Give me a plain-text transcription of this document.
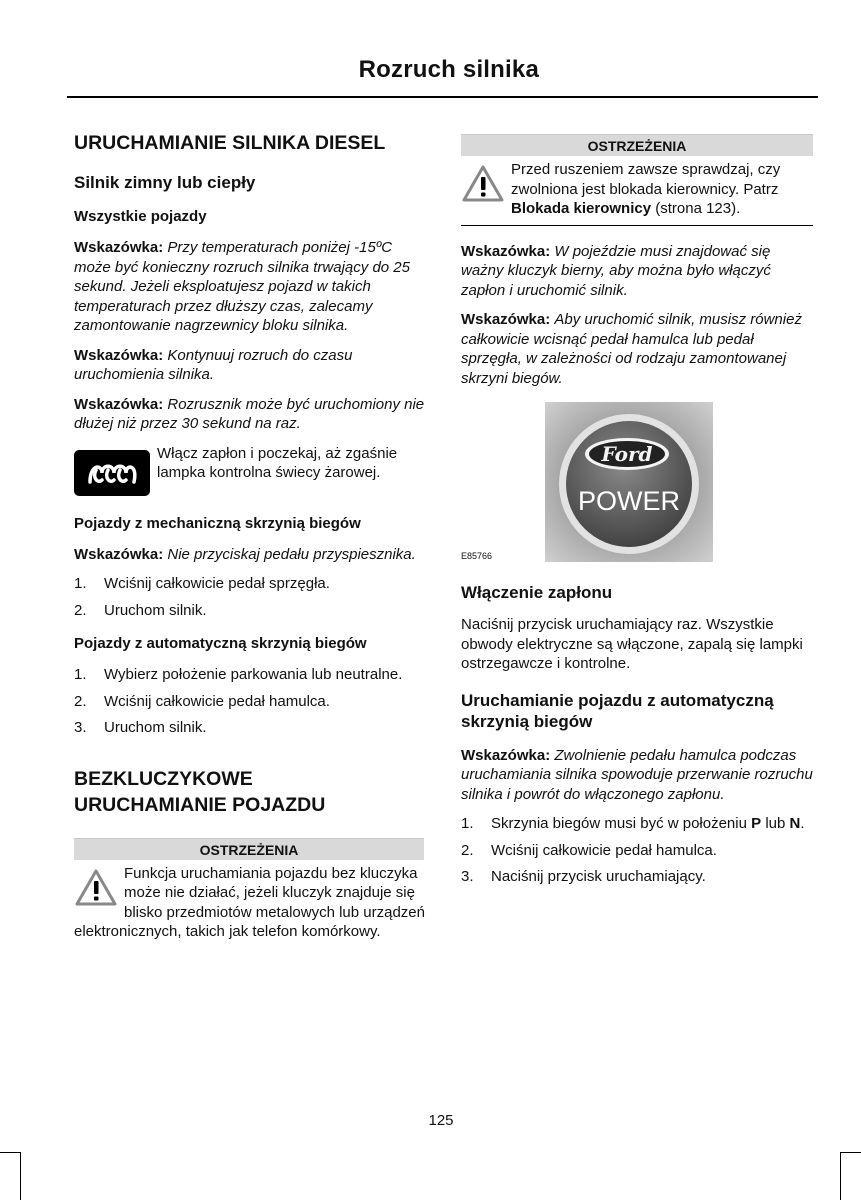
Rozruch silnika
URUCHAMIANIE SILNIKA DIESEL
Silnik zimny lub ciepły
Wszystkie pojazdy

Wskazówka: Przy temperaturach poniżej -15ºC może być konieczny rozruch silnika trwający do 25 sekund. Jeżeli eksploatujesz pojazd w takich temperaturach przez dłuższy czas, zalecamy zamontowanie nagrzewnicy bloku silnika.

Wskazówka: Kontynuuj rozruch do czasu uruchomienia silnika.

Wskazówka: Rozrusznik może być uruchomiony nie dłużej niż przez 30 sekund na raz.

Włącz zapłon i poczekaj, aż zgaśnie lampka kontrolna świecy żarowej.
Pojazdy z mechaniczną skrzynią biegów

Wskazówka: Nie przyciskaj pedału przyspiesznika.

1. Wciśnij całkowicie pedał sprzęgła.
2. Uruchom silnik.
Pojazdy z automatyczną skrzynią biegów
1. Wybierz położenie parkowania lub neutralne.
2. Wciśnij całkowicie pedał hamulca.
3. Uruchom silnik.
BEZKLUCZYKOWE URUCHAMIANIE POJAZDU
OSTRZEŻENIA
Funkcja uruchamiania pojazdu bez kluczyka może nie działać, jeżeli kluczyk znajduje się blisko przedmiotów metalowych lub urządzeń elektronicznych, takich jak telefon komórkowy.
OSTRZEŻENIA
Przed ruszeniem zawsze sprawdzaj, czy zwolniona jest blokada kierownicy. Patrz Blokada kierownicy (strona 123).

Wskazówka: W pojeździe musi znajdować się ważny kluczyk bierny, aby można było włączyć zapłon i uruchomić silnik.

Wskazówka: Aby uruchomić silnik, musisz również całkowicie wcisnąć pedał hamulca lub pedał sprzęgła, w zależności od rodzaju zamontowanej skrzyni biegów.

Ford
POWER
E85766
Włączenie zapłonu

Naciśnij przycisk uruchamiający raz. Wszystkie obwody elektryczne są włączone, zapalą się lampki ostrzegawcze i kontrolne.

Uruchamianie pojazdu z automatyczną skrzynią biegów

Wskazówka: Zwolnienie pedału hamulca podczas uruchamiania silnika spowoduje przerwanie rozruchu silnika i powrót do włączonego zapłonu.

1. Skrzynia biegów musi być w położeniu P lub N.
2. Wciśnij całkowicie pedał hamulca.
3. Naciśnij przycisk uruchamiający.
125
